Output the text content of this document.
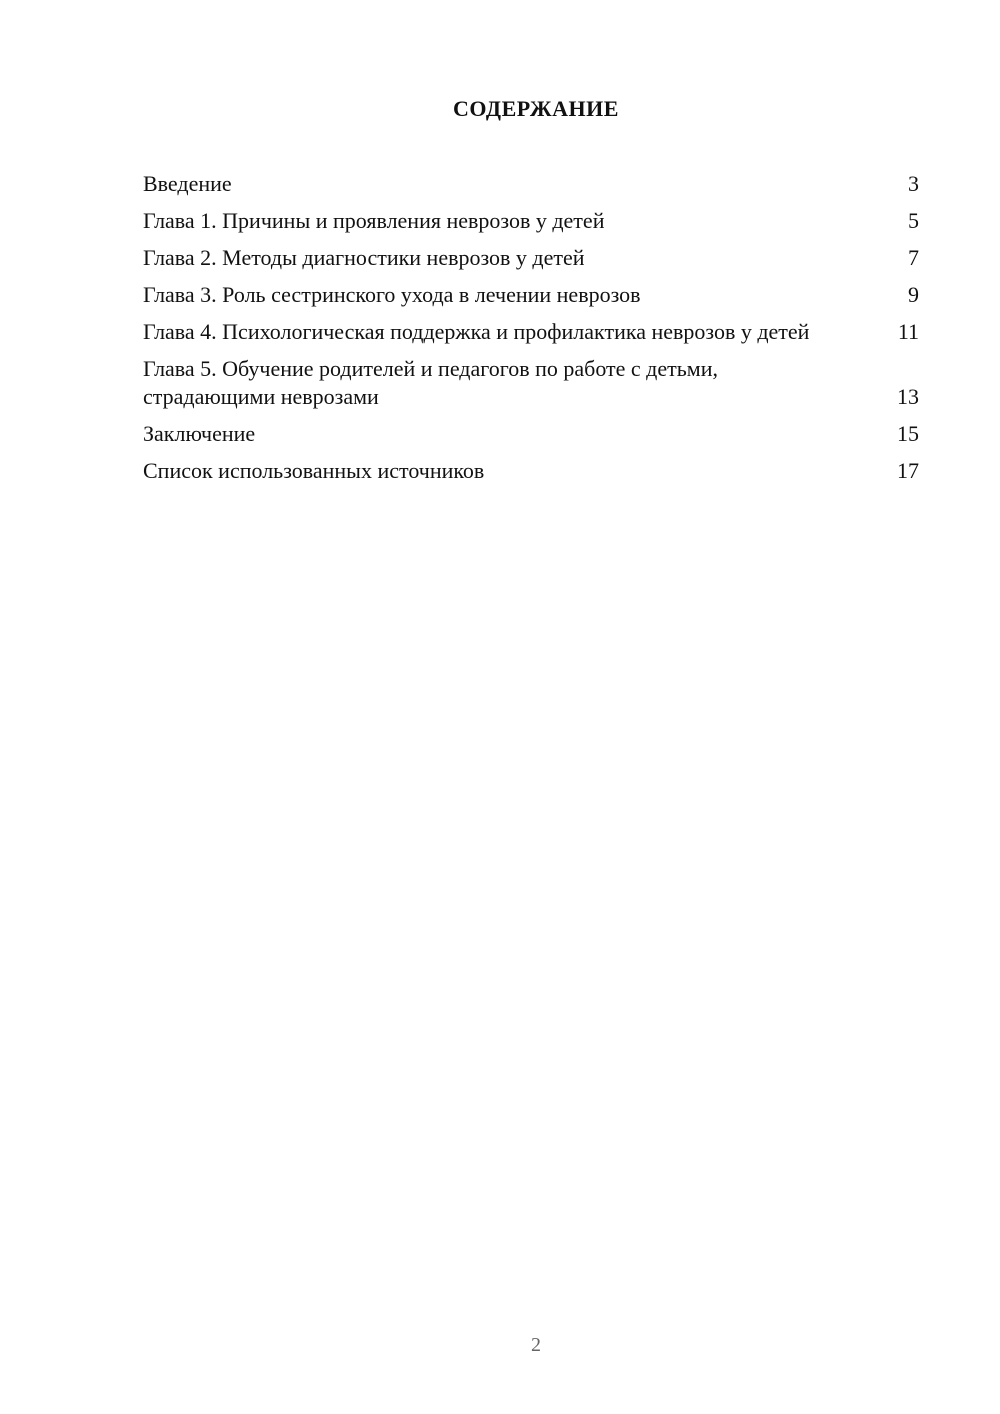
СОДЕРЖАНИЕ
Введение	3
Глава 1. Причины и проявления неврозов у детей	5
Глава 2. Методы диагностики неврозов у детей	7
Глава 3. Роль сестринского ухода в лечении неврозов	9
Глава 4. Психологическая поддержка и профилактика неврозов у детей	11
Глава 5. Обучение родителей и педагогов по работе с детьми, страдающими неврозами	13
Заключение	15
Список использованных источников	17
2
